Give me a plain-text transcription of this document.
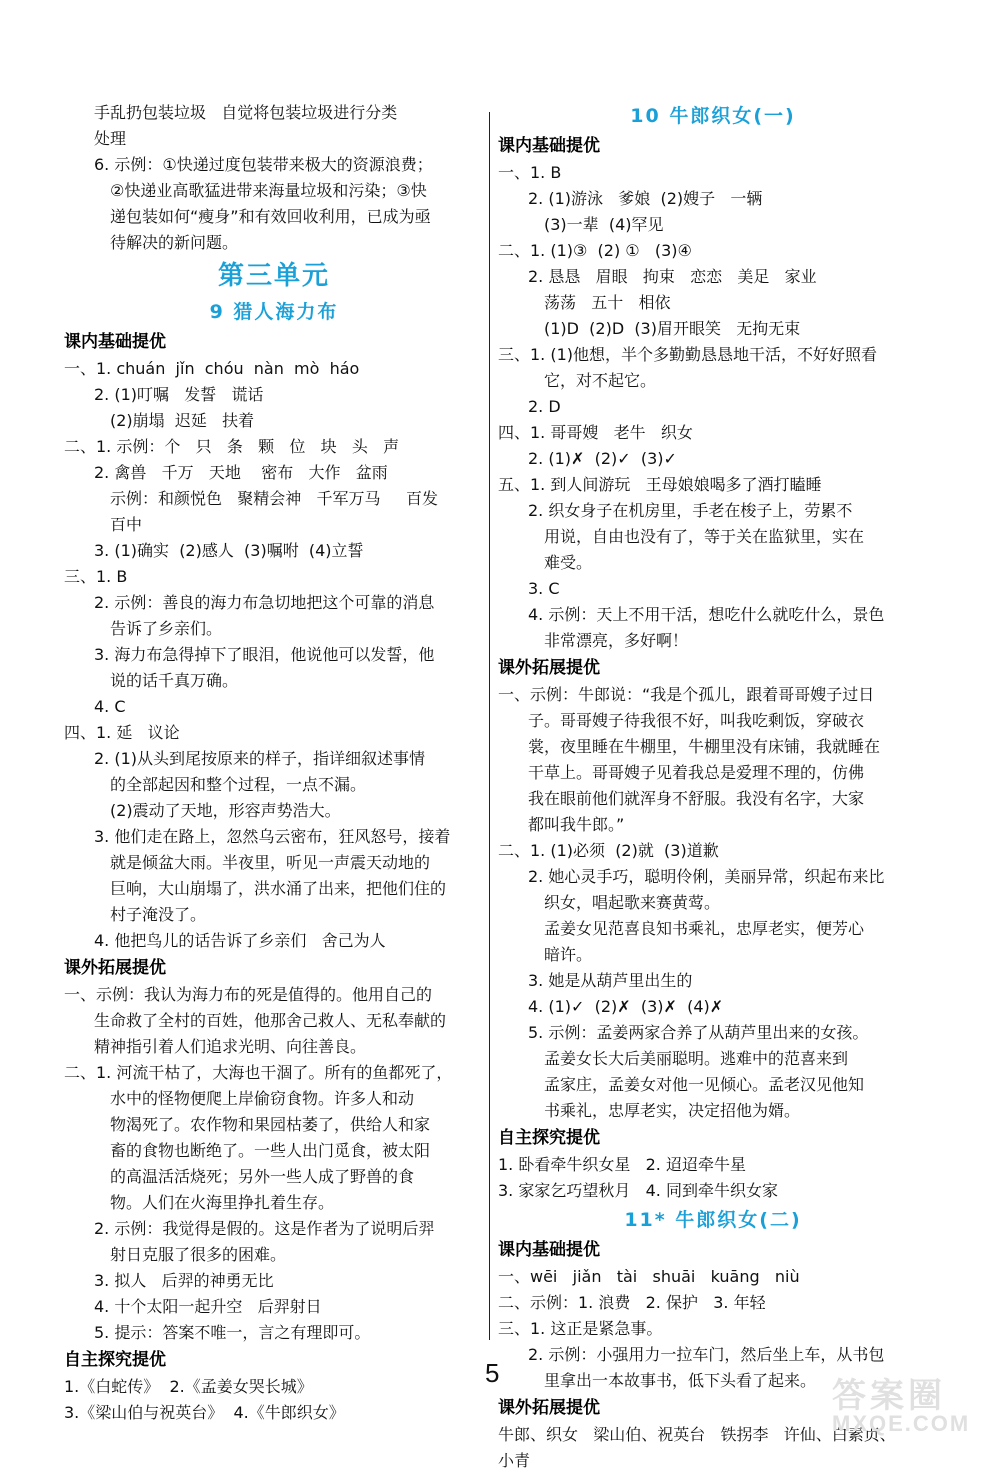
手乱扔包装垃圾   自觉将包装垃圾进行分类
处理
6. 示例：①快递过度包装带来极大的资源浪费；
②快递业高歌猛进带来海量垃圾和污染；③快
递包装如何“瘦身”和有效回收利用，已成为亟
待解决的新问题。
第三单元
9 猎人海力布
课内基础提优
一、1. chuán  jǐn  chóu  nàn  mò  háo
2. (1)叮嘱   发誓   谎话
(2)崩塌  迟延   扶着
二、1. 示例：个   只   条   颗   位   块   头   声
2. 禽兽   千万   天地    密布   大作   盆雨
示例：和颜悦色   聚精会神   千军万马     百发
百中
3. (1)确实  (2)感人  (3)嘱咐  (4)立誓
三、1. B
2. 示例：善良的海力布急切地把这个可靠的消息
告诉了乡亲们。
3. 海力布急得掉下了眼泪，他说他可以发誓，他
说的话千真万确。
4. C
四、1. 延   议论
2. (1)从头到尾按原来的样子，指详细叙述事情
的全部起因和整个过程，一点不漏。
(2)震动了天地，形容声势浩大。
3. 他们走在路上，忽然乌云密布，狂风怒号，接着
就是倾盆大雨。半夜里，听见一声震天动地的
巨响，大山崩塌了，洪水涌了出来，把他们住的
村子淹没了。
4. 他把鸟儿的话告诉了乡亲们   舍己为人
课外拓展提优
一、示例：我认为海力布的死是值得的。他用自己的
生命救了全村的百姓，他那舍己救人、无私奉献的
精神指引着人们追求光明、向往善良。
二、1. 河流干枯了，大海也干涸了。所有的鱼都死了，
水中的怪物便爬上岸偷窃食物。许多人和动
物渴死了。农作物和果园枯萎了，供给人和家
畜的食物也断绝了。一些人出门觅食，被太阳
的高温活活烧死；另外一些人成了野兽的食
物。人们在火海里挣扎着生存。
2. 示例：我觉得是假的。这是作者为了说明后羿
射日克服了很多的困难。
3. 拟人   后羿的神勇无比
4. 十个太阳一起升空   后羿射日
5. 提示：答案不唯一，言之有理即可。
自主探究提优
1.《白蛇传》  2.《孟姜女哭长城》
3.《梁山伯与祝英台》  4.《牛郎织女》
10 牛郎织女(一)
课内基础提优
一、1. B
2. (1)游泳   爹娘  (2)嫂子   一辆
(3)一辈  (4)罕见
二、1. (1)③  (2) ①   (3)④
2. 恳恳   眉眼   拘束   恋恋   美足   家业
荡荡   五十   相依
(1)D  (2)D  (3)眉开眼笑   无拘无束
三、1. (1)他想，半个多勤勤恳恳地干活，不好好照看
它，对不起它。
2. D
四、1. 哥哥嫂   老牛   织女
2. (1)✗  (2)✓  (3)✓
五、1. 到人间游玩   王母娘娘喝多了酒打瞌睡
2. 织女身子在机房里，手老在梭子上，劳累不
用说，自由也没有了，等于关在监狱里，实在
难受。
3. C
4. 示例：天上不用干活，想吃什么就吃什么，景色
非常漂亮，多好啊！
课外拓展提优
一、示例：牛郎说：“我是个孤儿，跟着哥哥嫂子过日
子。哥哥嫂子待我很不好，叫我吃剩饭，穿破衣
裳，夜里睡在牛棚里，牛棚里没有床铺，我就睡在
干草上。哥哥嫂子见着我总是爱理不理的，仿佛
我在眼前他们就浑身不舒服。我没有名字，大家
都叫我牛郎。”
二、1. (1)必须  (2)就  (3)道歉
2. 她心灵手巧，聪明伶俐，美丽异常，织起布来比
织女，唱起歌来赛黄莺。
孟姜女见范喜良知书乘礼，忠厚老实，便芳心
暗许。
3. 她是从葫芦里出生的
4. (1)✓  (2)✗  (3)✗  (4)✗
5. 示例：孟姜两家合养了从葫芦里出来的女孩。
孟姜女长大后美丽聪明。逃难中的范喜来到
孟家庄，孟姜女对他一见倾心。孟老汉见他知
书乘礼，忠厚老实，决定招他为婿。
自主探究提优
1. 卧看牵牛织女星   2. 迢迢牵牛星
3. 家家乞巧望秋月   4. 同到牵牛织女家
11* 牛郎织女(二)
课内基础提优
一、wēi   jiǎn   tài   shuāi   kuāng   niù
二、示例：1. 浪费   2. 保护   3. 年轻
三、1. 这正是紧急事。
2. 示例：小强用力一拉车门，然后坐上车，从书包
里拿出一本故事书，低下头看了起来。
课外拓展提优
牛郎、织女   梁山伯、祝英台   铁拐李   许仙、白素贞、
小青
5
答案圈
MXQE.COM
